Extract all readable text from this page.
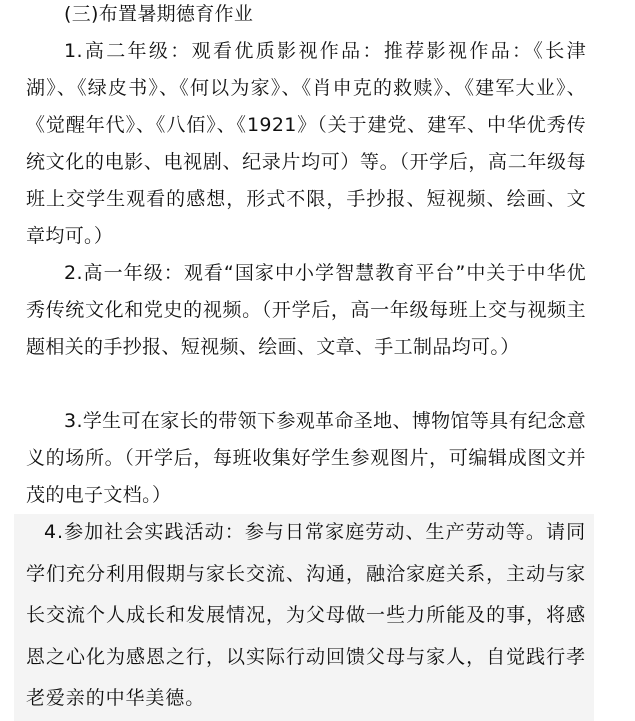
(三)布置暑期德育作业

1.高二年级：观看优质影视作品：推荐影视作品：《长津湖》、《绿皮书》、《何以为家》、《肖申克的救赎》、《建军大业》、《觉醒年代》、《八佰》、《1921》（关于建党、建军、中华优秀传统文化的电影、电视剧、纪录片均可）等。（开学后，高二年级每班上交学生观看的感想，形式不限，手抄报、短视频、绘画、文章均可。）

2.高一年级：观看“国家中小学智慧教育平台”中关于中华优秀传统文化和党史的视频。（开学后，高一年级每班上交与视频主题相关的手抄报、短视频、绘画、文章、手工制品均可。）

3.学生可在家长的带领下参观革命圣地、博物馆等具有纪念意义的场所。（开学后，每班收集好学生参观图片，可编辑成图文并茂的电子文档。）

4.参加社会实践活动：参与日常家庭劳动、生产劳动等。请同学们充分利用假期与家长交流、沟通，融洽家庭关系，主动与家长交流个人成长和发展情况，为父母做一些力所能及的事，将感恩之心化为感恩之行，以实际行动回馈父母与家人，自觉践行孝老爱亲的中华美德。
